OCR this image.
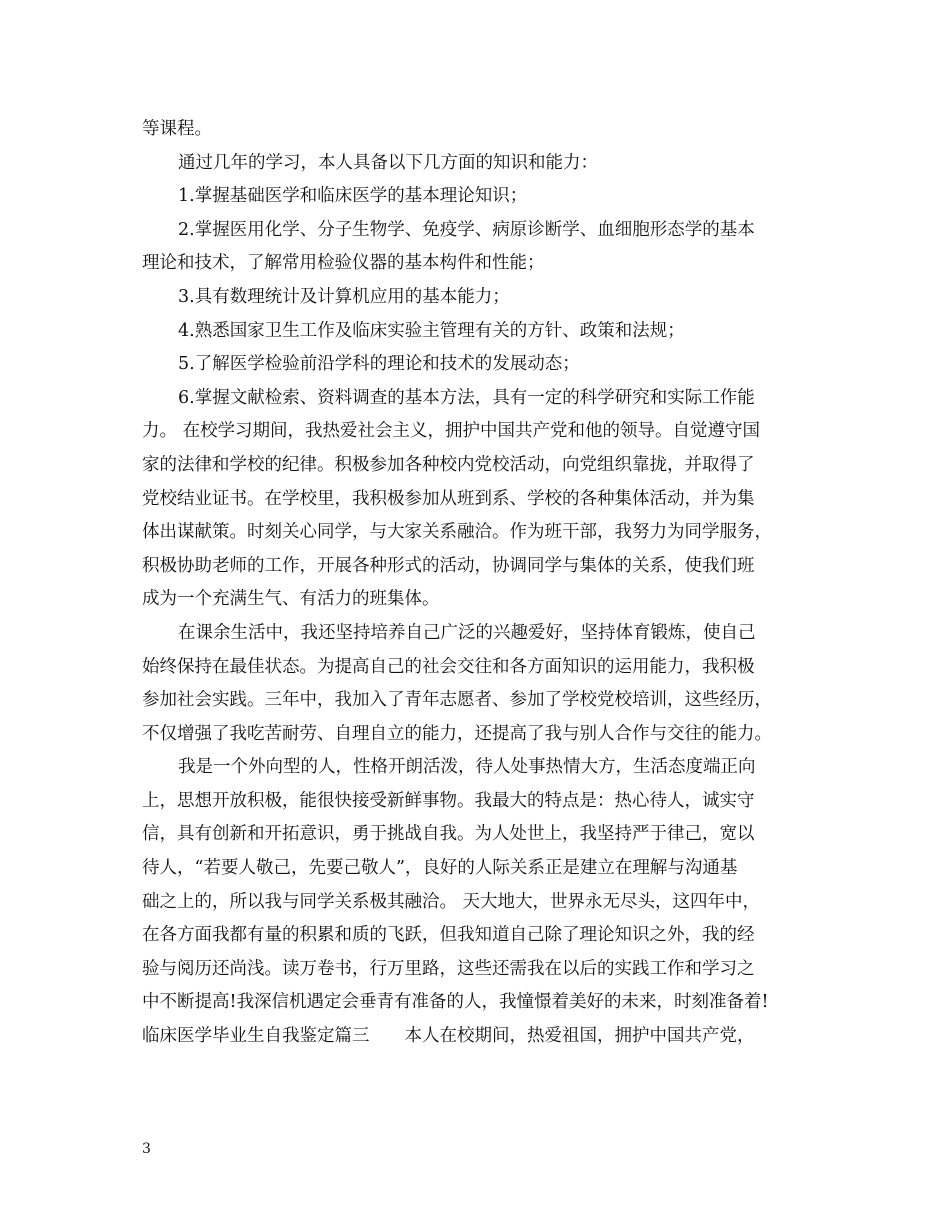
等课程。
通过几年的学习，本人具备以下几方面的知识和能力：
1.掌握基础医学和临床医学的基本理论知识；
2.掌握医用化学、分子生物学、免疫学、病原诊断学、血细胞形态学的基本
理论和技术，了解常用检验仪器的基本构件和性能；
3.具有数理统计及计算机应用的基本能力；
4.熟悉国家卫生工作及临床实验主管理有关的方针、政策和法规；
5.了解医学检验前沿学科的理论和技术的发展动态；
6.掌握文献检索、资料调查的基本方法，具有一定的科学研究和实际工作能
力。 在校学习期间，我热爱社会主义，拥护中国共产党和他的领导。自觉遵守国
家的法律和学校的纪律。积极参加各种校内党校活动，向党组织靠拢，并取得了
党校结业证书。在学校里，我积极参加从班到系、学校的各种集体活动，并为集
体出谋献策。时刻关心同学，与大家关系融洽。作为班干部，我努力为同学服务，
积极协助老师的工作，开展各种形式的活动，协调同学与集体的关系，使我们班
成为一个充满生气、有活力的班集体。
在课余生活中，我还坚持培养自己广泛的兴趣爱好，坚持体育锻炼，使自己
始终保持在最佳状态。为提高自己的社会交往和各方面知识的运用能力，我积极
参加社会实践。三年中，我加入了青年志愿者、参加了学校党校培训，这些经历，
不仅增强了我吃苦耐劳、自理自立的能力，还提高了我与别人合作与交往的能力。
我是一个外向型的人，性格开朗活泼，待人处事热情大方，生活态度端正向
上，思想开放积极，能很快接受新鲜事物。我最大的特点是：热心待人，诚实守
信，具有创新和开拓意识，勇于挑战自我。为人处世上，我坚持严于律己，宽以
待人，“若要人敬己，先要己敬人”，良好的人际关系正是建立在理解与沟通基
础之上的，所以我与同学关系极其融洽。 天大地大，世界永无尽头，这四年中，
在各方面我都有量的积累和质的飞跃，但我知道自己除了理论知识之外，我的经
验与阅历还尚浅。读万卷书，行万里路，这些还需我在以后的实践工作和学习之
中不断提高!我深信机遇定会垂青有准备的人，我憧憬着美好的未来，时刻准备着!
临床医学毕业生自我鉴定篇三　　本人在校期间，热爱祖国，拥护中国共产党，
3
